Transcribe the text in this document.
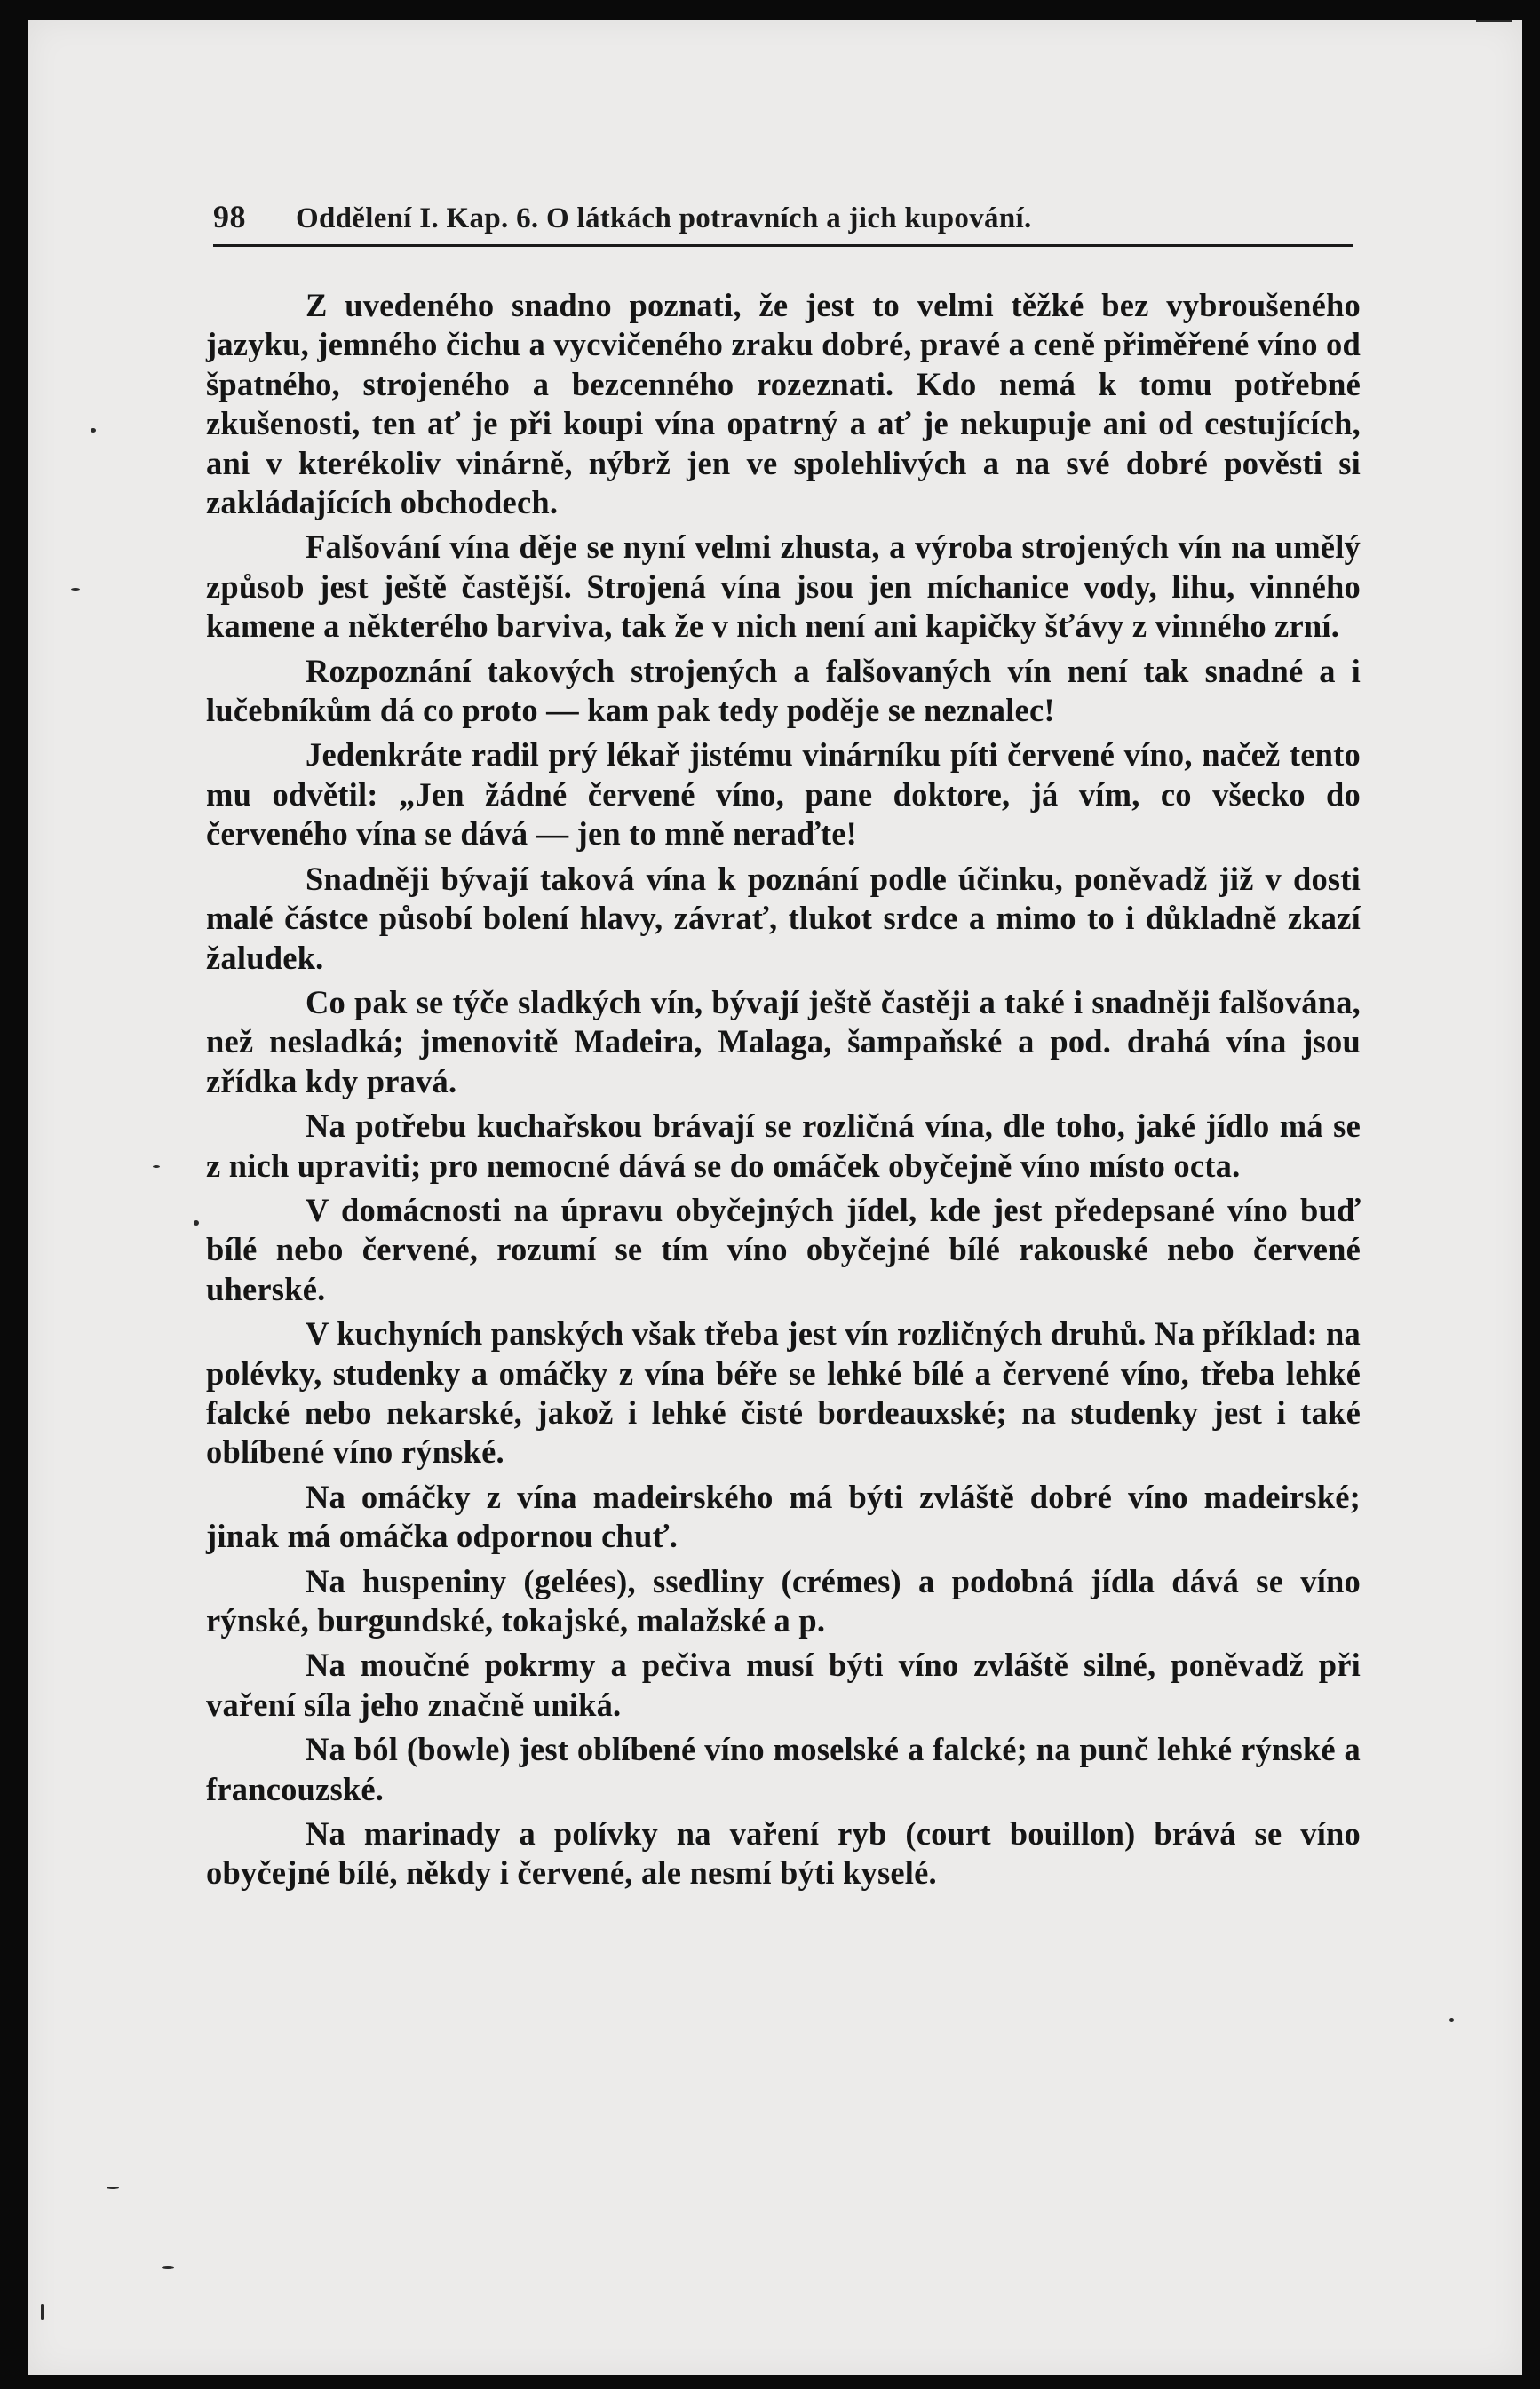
98 Oddělení I. Kap. 6. O látkách potravních a jich kupování.

Z uvedeného snadno poznati, že jest to velmi těžké bez vybroušeného jazyku, jemného čichu a vycvičeného zraku dobré, pravé a ceně přiměřené víno od špatného, strojeného a bezcenného rozeznati. Kdo nemá k tomu potřebné zkušenosti, ten ať je při koupi vína opatrný a ať je nekupuje ani od cestujících, ani v kterékoliv vinárně, nýbrž jen ve spolehlivých a na své dobré pověsti si zakládajících obchodech.

Falšování vína děje se nyní velmi zhusta, a výroba strojených vín na umělý způsob jest ještě častější. Strojená vína jsou jen míchanice vody, lihu, vinného kamene a některého barviva, tak že v nich není ani kapičky šťávy z vinného zrní.

Rozpoznání takových strojených a falšovaných vín není tak snadné a i lučebníkům dá co proto — kam pak tedy poděje se neznalec!

Jedenkráte radil prý lékař jistému vinárníku píti červené víno, načež tento mu odvětil: „Jen žádné červené víno, pane doktore, já vím, co všecko do červeného vína se dává — jen to mně neraďte!

Snadněji bývají taková vína k poznání podle účinku, poněvadž již v dosti malé částce působí bolení hlavy, závrať, tlukot srdce a mimo to i důkladně zkazí žaludek.

Co pak se týče sladkých vín, bývají ještě častěji a také i snadněji falšována, než nesladká; jmenovitě Madeira, Malaga, šampaňské a pod. drahá vína jsou zřídka kdy pravá.

Na potřebu kuchařskou brávají se rozličná vína, dle toho, jaké jídlo má se z nich upraviti; pro nemocné dává se do omáček obyčejně víno místo octa.

V domácnosti na úpravu obyčejných jídel, kde jest předepsané víno buď bílé nebo červené, rozumí se tím víno obyčejné bílé rakouské nebo červené uherské.

V kuchyních panských však třeba jest vín rozličných druhů. Na příklad: na polévky, studenky a omáčky z vína béře se lehké bílé a červené víno, třeba lehké falcké nebo nekarské, jakož i lehké čisté bordeauxské; na studenky jest i také oblíbené víno rýnské.

Na omáčky z vína madeirského má býti zvláště dobré víno madeirské; jinak má omáčka odpornou chuť.

Na huspeniny (gelées), ssedliny (crémes) a podobná jídla dává se víno rýnské, burgundské, tokajské, malažské a p.

Na moučné pokrmy a pečiva musí býti víno zvláště silné, poněvadž při vaření síla jeho značně uniká.

Na ból (bowle) jest oblíbené víno moselské a falcké; na punč lehké rýnské a francouzské.

Na marinady a polívky na vaření ryb (court bouillon) brává se víno obyčejné bílé, někdy i červené, ale nesmí býti kyselé.
